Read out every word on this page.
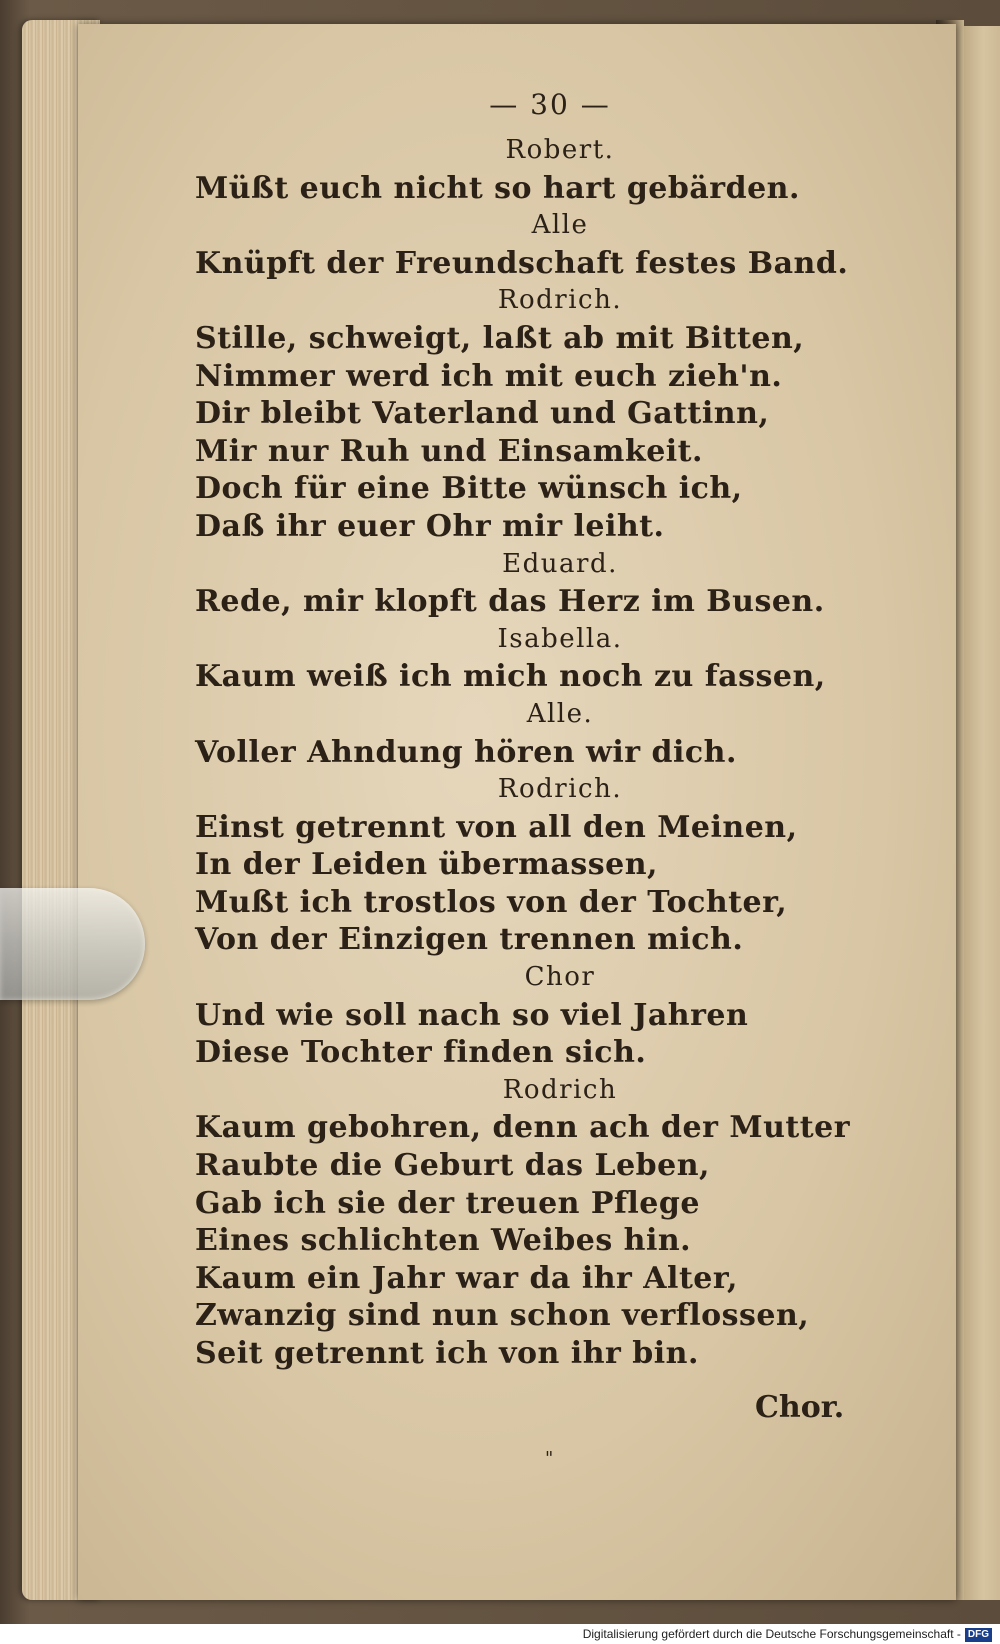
— 30 —
Robert.
Müßt euch nicht so hart gebärden.
Alle
Knüpft der Freundschaft festes Band.
Rodrich.
Stille, schweigt, laßt ab mit Bitten,
Nimmer werd ich mit euch zieh'n.
Dir bleibt Vaterland und Gattinn,
Mir nur Ruh und Einsamkeit.
Doch für eine Bitte wünsch ich,
Daß ihr euer Ohr mir leiht.
Eduard.
Rede, mir klopft das Herz im Busen.
Isabella.
Kaum weiß ich mich noch zu fassen,
Alle.
Voller Ahndung hören wir dich.
Rodrich.
Einst getrennt von all den Meinen,
In der Leiden übermassen,
Mußt ich trostlos von der Tochter,
Von der Einzigen trennen mich.
Chor
Und wie soll nach so viel Jahren
Diese Tochter finden sich.
Rodrich
Kaum gebohren, denn ach der Mutter
Raubte die Geburt das Leben,
Gab ich sie der treuen Pflege
Eines schlichten Weibes hin.
Kaum ein Jahr war da ihr Alter,
Zwanzig sind nun schon verflossen,
Seit getrennt ich von ihr bin.
Chor.
"
Digitalisierung gefördert durch die Deutsche Forschungsgemeinschaft - DFG
